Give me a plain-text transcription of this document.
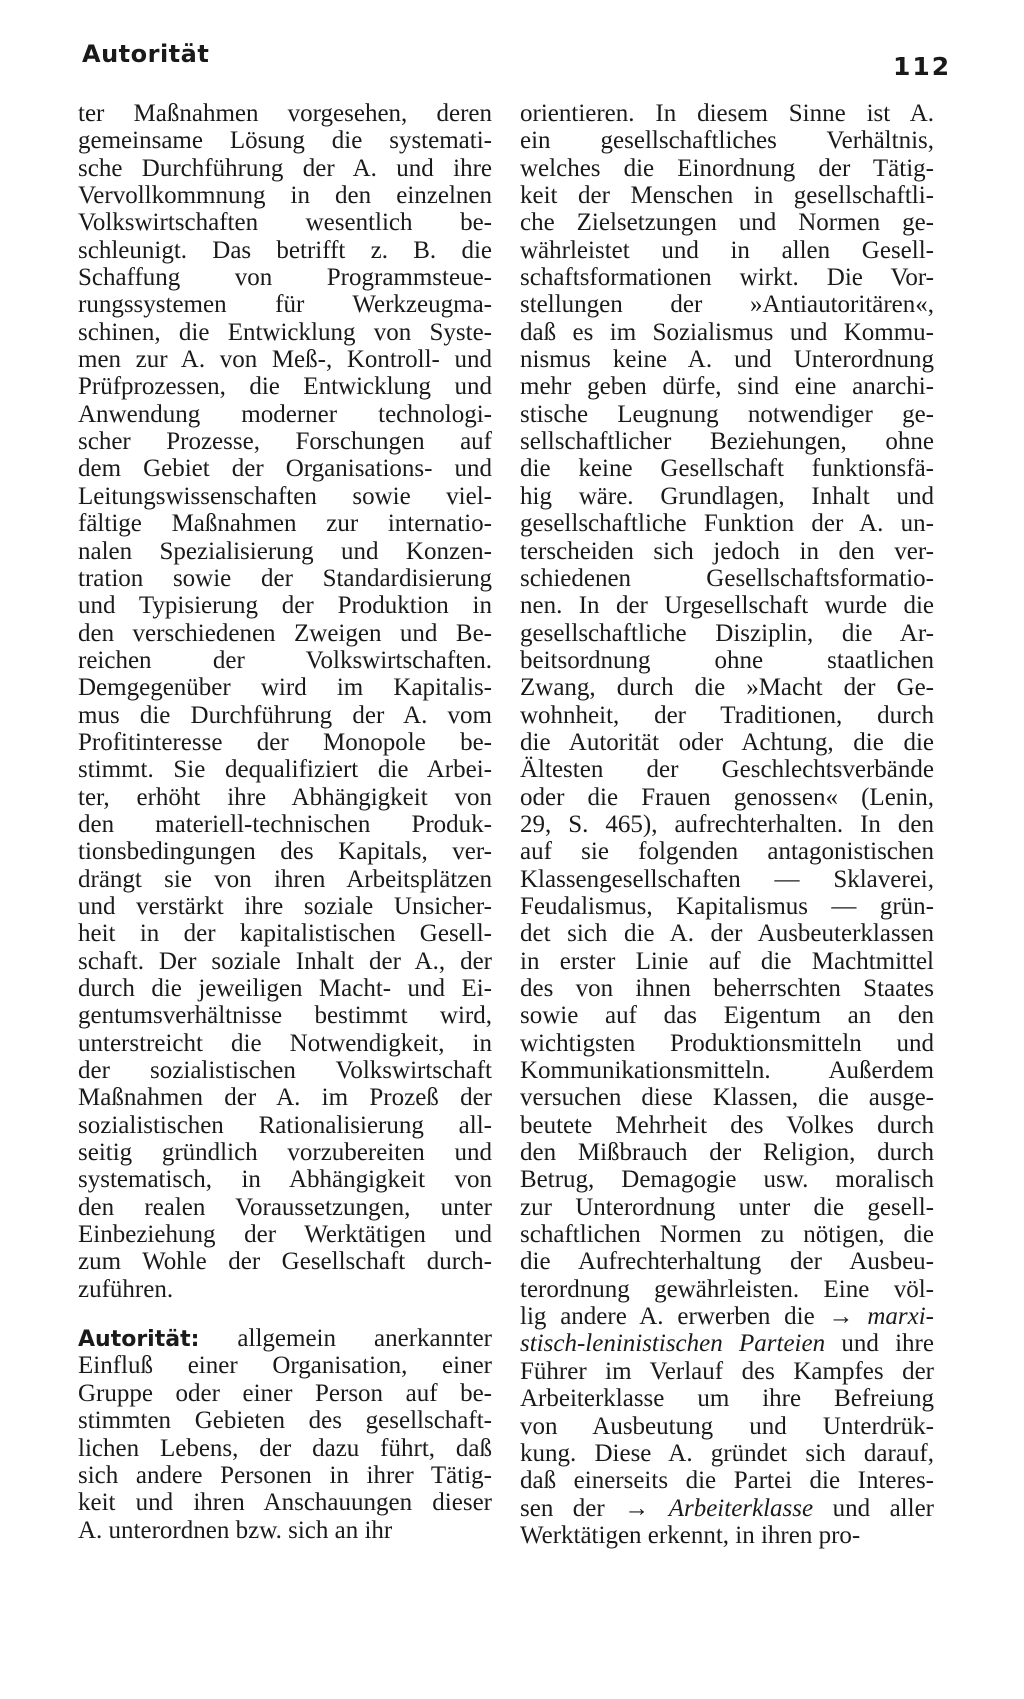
Autorität	112
ter Maßnahmen vorgesehen, deren
gemeinsame Lösung die systemati-
sche Durchführung der A. und ihre
Vervollkommnung in den einzelnen
Volkswirtschaften wesentlich be-
schleunigt. Das betrifft z. B. die
Schaffung von Programmsteue-
rungssystemen für Werkzeugma-
schinen, die Entwicklung von Syste-
men zur A. von Meß-, Kontroll- und
Prüfprozessen, die Entwicklung und
Anwendung moderner technologi-
scher Prozesse, Forschungen auf
dem Gebiet der Organisations- und
Leitungswissenschaften sowie viel-
fältige Maßnahmen zur internatio-
nalen Spezialisierung und Konzen-
tration sowie der Standardisierung
und Typisierung der Produktion in
den verschiedenen Zweigen und Be-
reichen der Volkswirtschaften.
Demgegenüber wird im Kapitalis-
mus die Durchführung der A. vom
Profitinteresse der Monopole be-
stimmt. Sie dequalifiziert die Arbei-
ter, erhöht ihre Abhängigkeit von
den materiell-technischen Produk-
tionsbedingungen des Kapitals, ver-
drängt sie von ihren Arbeitsplätzen
und verstärkt ihre soziale Unsicher-
heit in der kapitalistischen Gesell-
schaft. Der soziale Inhalt der A., der
durch die jeweiligen Macht- und Ei-
gentumsverhältnisse bestimmt wird,
unterstreicht die Notwendigkeit, in
der sozialistischen Volkswirtschaft
Maßnahmen der A. im Prozeß der
sozialistischen Rationalisierung all-
seitig gründlich vorzubereiten und
systematisch, in Abhängigkeit von
den realen Voraussetzungen, unter
Einbeziehung der Werktätigen und
zum Wohle der Gesellschaft durch-
zuführen.
Autorität: allgemein anerkannter
Einfluß einer Organisation, einer
Gruppe oder einer Person auf be-
stimmten Gebieten des gesellschaft-
lichen Lebens, der dazu führt, daß
sich andere Personen in ihrer Tätig-
keit und ihren Anschauungen dieser
A. unterordnen bzw. sich an ihr
orientieren. In diesem Sinne ist A.
ein gesellschaftliches Verhältnis,
welches die Einordnung der Tätig-
keit der Menschen in gesellschaftli-
che Zielsetzungen und Normen ge-
währleistet und in allen Gesell-
schaftsformationen wirkt. Die Vor-
stellungen der »Antiautoritären«,
daß es im Sozialismus und Kommu-
nismus keine A. und Unterordnung
mehr geben dürfe, sind eine anarchi-
stische Leugnung notwendiger ge-
sellschaftlicher Beziehungen, ohne
die keine Gesellschaft funktionsfä-
hig wäre. Grundlagen, Inhalt und
gesellschaftliche Funktion der A. un-
terscheiden sich jedoch in den ver-
schiedenen Gesellschaftsformatio-
nen. In der Urgesellschaft wurde die
gesellschaftliche Disziplin, die Ar-
beitsordnung ohne staatlichen
Zwang, durch die »Macht der Ge-
wohnheit, der Traditionen, durch
die Autorität oder Achtung, die die
Ältesten der Geschlechtsverbände
oder die Frauen genossen« (Lenin,
29, S. 465), aufrechterhalten. In den
auf sie folgenden antagonistischen
Klassengesellschaften — Sklaverei,
Feudalismus, Kapitalismus — grün-
det sich die A. der Ausbeuterklassen
in erster Linie auf die Machtmittel
des von ihnen beherrschten Staates
sowie auf das Eigentum an den
wichtigsten Produktionsmitteln und
Kommunikationsmitteln. Außerdem
versuchen diese Klassen, die ausge-
beutete Mehrheit des Volkes durch
den Mißbrauch der Religion, durch
Betrug, Demagogie usw. moralisch
zur Unterordnung unter die gesell-
schaftlichen Normen zu nötigen, die
die Aufrechterhaltung der Ausbeu-
terordnung gewährleisten. Eine völ-
lig andere A. erwerben die → marxi-
stisch-leninistischen Parteien und ihre
Führer im Verlauf des Kampfes der
Arbeiterklasse um ihre Befreiung
von Ausbeutung und Unterdrük-
kung. Diese A. gründet sich darauf,
daß einerseits die Partei die Interes-
sen der → Arbeiterklasse und aller
Werktätigen erkennt, in ihren pro-
